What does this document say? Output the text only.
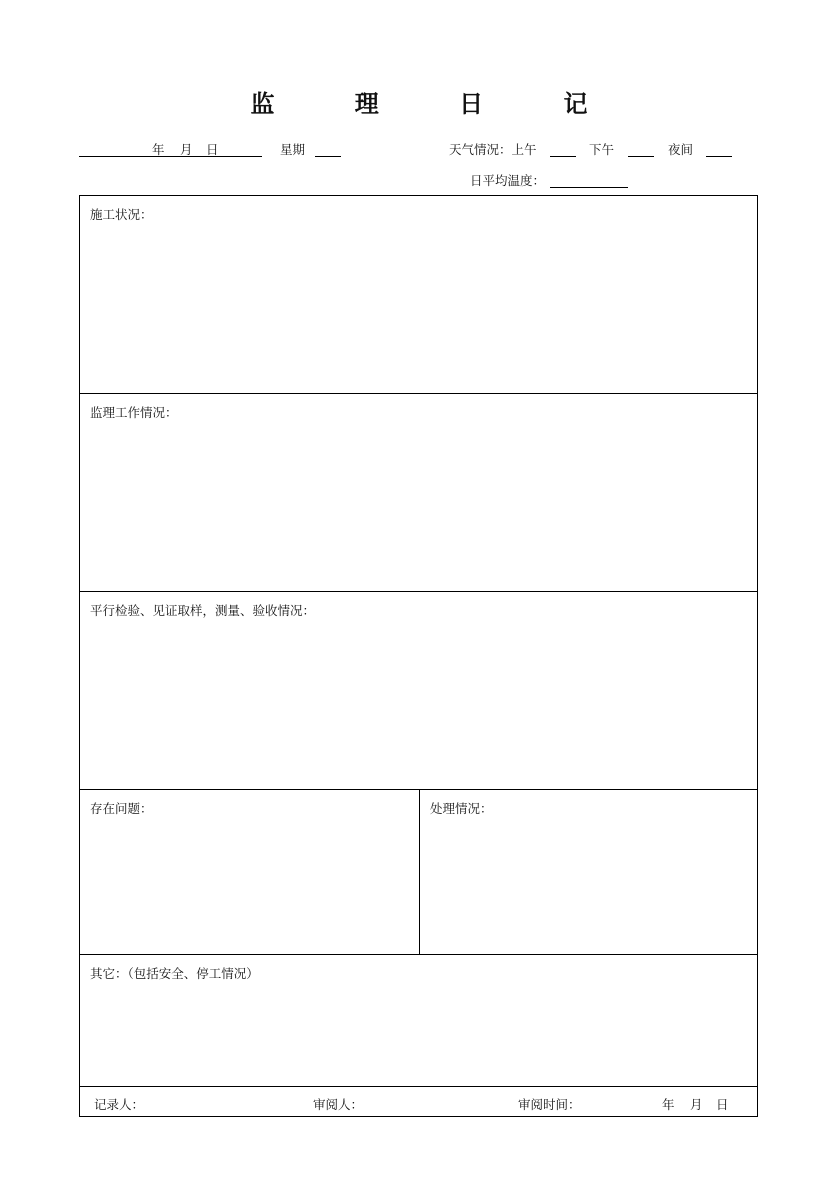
监 理 日 记
年 月 日	星期	天气情况：上午	下午	夜间
日平均温度：
施工状况：
监理工作情况：
平行检验、见证取样，测量、验收情况：
存在问题：	处理情况：
其它：（包括安全、停工情况）
记录人：	审阅人：	审阅时间：	年 月 日
